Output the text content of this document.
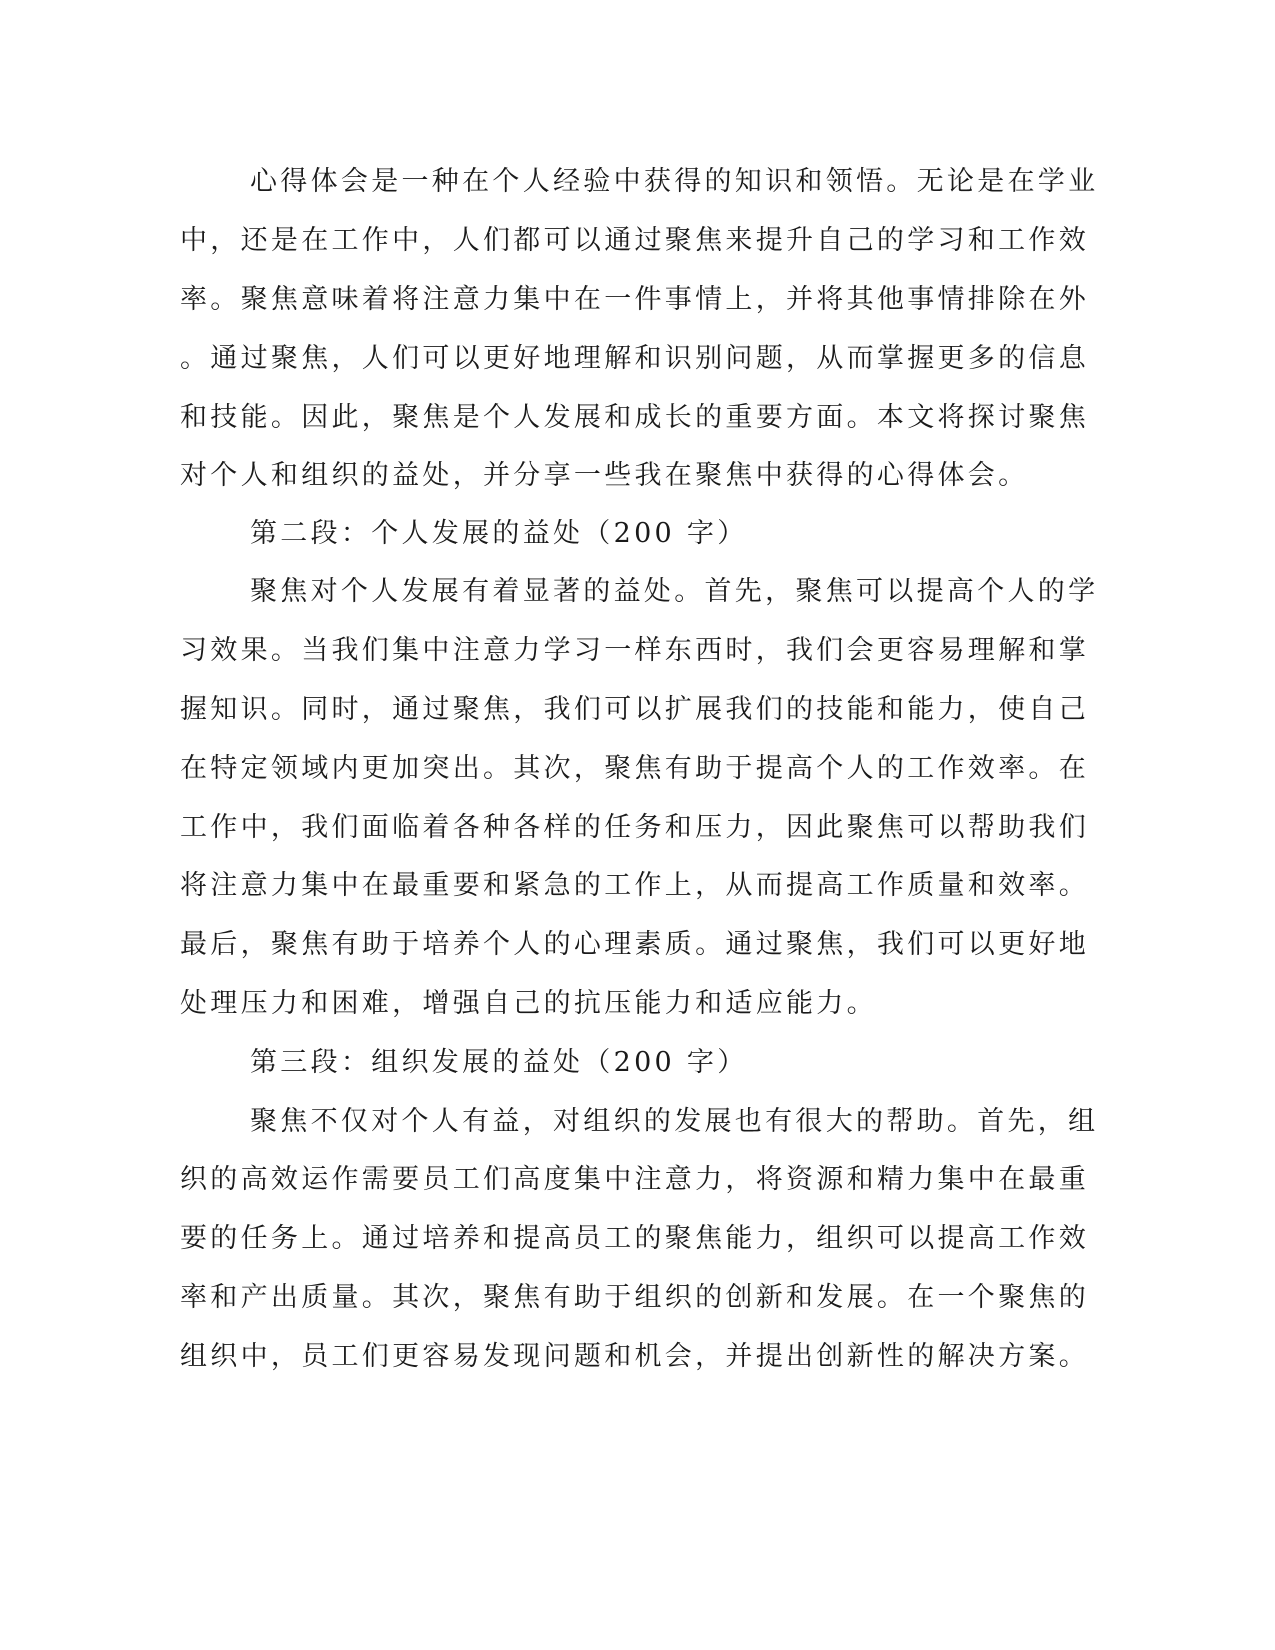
心得体会是一种在个人经验中获得的知识和领悟。无论是在学业
中，还是在工作中，人们都可以通过聚焦来提升自己的学习和工作效
率。聚焦意味着将注意力集中在一件事情上，并将其他事情排除在外
。通过聚焦，人们可以更好地理解和识别问题，从而掌握更多的信息
和技能。因此，聚焦是个人发展和成长的重要方面。本文将探讨聚焦
对个人和组织的益处，并分享一些我在聚焦中获得的心得体会。
第二段：个人发展的益处（200 字）
聚焦对个人发展有着显著的益处。首先，聚焦可以提高个人的学
习效果。当我们集中注意力学习一样东西时，我们会更容易理解和掌
握知识。同时，通过聚焦，我们可以扩展我们的技能和能力，使自己
在特定领域内更加突出。其次，聚焦有助于提高个人的工作效率。在
工作中，我们面临着各种各样的任务和压力，因此聚焦可以帮助我们
将注意力集中在最重要和紧急的工作上，从而提高工作质量和效率。
最后，聚焦有助于培养个人的心理素质。通过聚焦，我们可以更好地
处理压力和困难，增强自己的抗压能力和适应能力。
第三段：组织发展的益处（200 字）
聚焦不仅对个人有益，对组织的发展也有很大的帮助。首先，组
织的高效运作需要员工们高度集中注意力，将资源和精力集中在最重
要的任务上。通过培养和提高员工的聚焦能力，组织可以提高工作效
率和产出质量。其次，聚焦有助于组织的创新和发展。在一个聚焦的
组织中，员工们更容易发现问题和机会，并提出创新性的解决方案。
